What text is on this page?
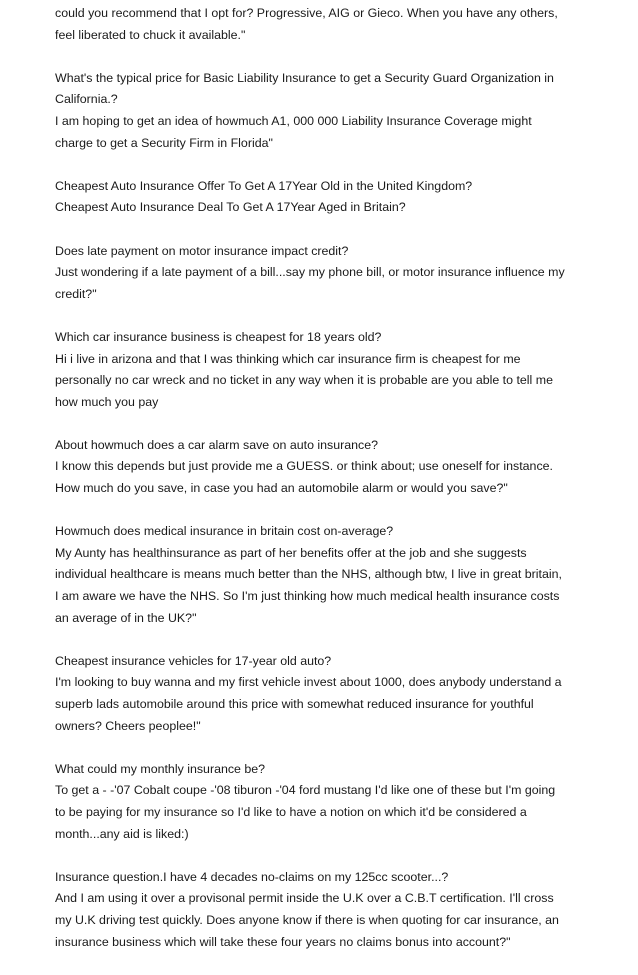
could you recommend that I opt for? Progressive, AIG or Gieco. When you have any others,
feel liberated to chuck it available."
What's the typical price for Basic Liability Insurance to get a Security Guard Organization in
California.?
I am hoping to get an idea of howmuch A1, 000 000 Liability Insurance Coverage might
charge to get a Security Firm in Florida"
Cheapest Auto Insurance Offer To Get A 17Year Old in the United Kingdom?
Cheapest Auto Insurance Deal To Get A 17Year Aged in Britain?
Does late payment on motor insurance impact credit?
Just wondering if a late payment of a bill...say my phone bill, or motor insurance influence my
credit?"
Which car insurance business is cheapest for 18 years old?
Hi i live in arizona and that I was thinking which car insurance firm is cheapest for me
personally no car wreck and no ticket in any way when it is probable are you able to tell me
how much you pay
About howmuch does a car alarm save on auto insurance?
I know this depends but just provide me a GUESS. or think about; use oneself for instance.
How much do you save, in case you had an automobile alarm or would you save?"
Howmuch does medical insurance in britain cost on-average?
My Aunty has healthinsurance as part of her benefits offer at the job and she suggests
individual healthcare is means much better than the NHS, although btw, I live in great britain,
I am aware we have the NHS. So I'm just thinking how much medical health insurance costs
an average of in the UK?"
Cheapest insurance vehicles for 17-year old auto?
I'm looking to buy wanna and my first vehicle invest about 1000, does anybody understand a
superb lads automobile around this price with somewhat reduced insurance for youthful
owners? Cheers peoplee!"
What could my monthly insurance be?
To get a - -'07 Cobalt coupe -'08 tiburon -'04 ford mustang I'd like one of these but I'm going
to be paying for my insurance so I'd like to have a notion on which it'd be considered a
month...any aid is liked:)
Insurance question.I have 4 decades no-claims on my 125cc scooter...?
And I am using it over a provisonal permit inside the U.K over a C.B.T certification. I'll cross
my U.K driving test quickly. Does anyone know if there is when quoting for car insurance, an
insurance business which will take these four years no claims bonus into account?"
